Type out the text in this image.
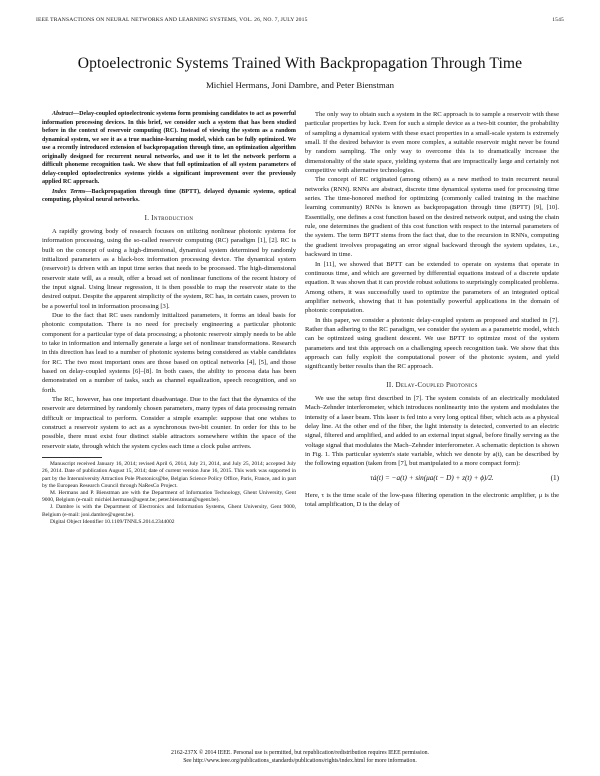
IEEE TRANSACTIONS ON NEURAL NETWORKS AND LEARNING SYSTEMS, VOL. 26, NO. 7, JULY 2015	1545
Optoelectronic Systems Trained With Backpropagation Through Time
Michiel Hermans, Joni Dambre, and Peter Bienstman

Abstract—Delay-coupled optoelectronic systems form promising candidates to act as powerful information processing devices. In this brief, we consider such a system that has been studied before in the context of reservoir computing (RC). Instead of viewing the system as a random dynamical system, we see it as a true machine-learning model, which can be fully optimized. We use a recently introduced extension of backpropagation through time, an optimization algorithm originally designed for recurrent neural networks, and use it to let the network perform a difficult phoneme recognition task. We show that full optimization of all system parameters of delay-coupled optoelectronics systems yields a significant improvement over the previously applied RC approach.

Index Terms—Backpropagation through time (BPTT), delayed dynamic systems, optical computing, physical neural networks.

I. Introduction

A rapidly growing body of research focuses on utilizing nonlinear photonic systems for information processing, using the so-called reservoir computing (RC) paradigm [1], [2]. RC is built on the concept of using a high-dimensional, dynamical system determined by randomly initialized parameters as a black-box information processing device. The dynamical system (reservoir) is driven with an input time series that needs to be processed. The high-dimensional reservoir state will, as a result, offer a broad set of nonlinear functions of the recent history of the input signal. Using linear regression, it is then possible to map the reservoir state to the desired output. Despite the apparent simplicity of the system, RC has, in certain cases, proven to be a powerful tool in information processing [3].

Due to the fact that RC uses randomly initialized parameters, it forms an ideal basis for photonic computation. There is no need for precisely engineering a particular photonic component for a particular type of data processing; a photonic reservoir simply needs to be able to take in information and internally generate a large set of nonlinear transformations. Research in this direction has lead to a number of photonic systems being considered as viable candidates for RC. The two most important ones are those based on optical networks [4], [5], and those based on delay-coupled systems [6]–[8]. In both cases, the ability to process data has been demonstrated on a number of tasks, such as channel equalization, speech recognition, and so forth.

The RC, however, has one important disadvantage. Due to the fact that the dynamics of the reservoir are determined by randomly chosen parameters, many types of data processing remain difficult or impractical to perform. Consider a simple example: suppose that one wishes to construct a reservoir system to act as a synchronous two-bit counter. In order for this to be possible, there must exist four distinct stable attractors somewhere within the space of the reservoir state, through which the system cycles each time a clock pulse arrives.

Manuscript received January 16, 2014; revised April 6, 2014, July 21, 2014, and July 25, 2014; accepted July 26, 2014. Date of publication August 15, 2014; date of current version June 16, 2015. This work was supported in part by the Interuniversity Attraction Pole Photonics@be, Belgian Science Policy Office, Paris, France, and in part by the European Research Council through NaResCo Project.

M. Hermans and P. Bienstman are with the Department of Information Technology, Ghent University, Gent 9000, Belgium (e-mail: michiel.hermans@ugent.be; peter.bienstman@ugent.be).

J. Dambre is with the Department of Electronics and Information Systems, Ghent University, Gent 9000, Belgium (e-mail: joni.dambre@ugent.be).

Digital Object Identifier 10.1109/TNNLS.2014.2344002

The only way to obtain such a system in the RC approach is to sample a reservoir with these particular properties by luck. Even for such a simple device as a two-bit counter, the probability of sampling a dynamical system with these exact properties in a small-scale system is extremely small. If the desired behavior is even more complex, a suitable reservoir might never be found by random sampling. The only way to overcome this is to dramatically increase the dimensionality of the state space, yielding systems that are impractically large and certainly not competitive with alternative technologies.

The concept of RC originated (among others) as a new method to train recurrent neural networks (RNN). RNNs are abstract, discrete time dynamical systems used for processing time series. The time-honored method for optimizing (commonly called training in the machine learning community) RNNs is known as backpropagation through time (BPTT) [9], [10]. Essentially, one defines a cost function based on the desired network output, and using the chain rule, one determines the gradient of this cost function with respect to the internal parameters of the system. The term BPTT stems from the fact that, due to the recursion in RNNs, computing the gradient involves propagating an error signal backward through the system updates, i.e., backward in time.

In [11], we showed that BPTT can be extended to operate on systems that operate in continuous time, and which are governed by differential equations instead of a discrete update equation. It was shown that it can provide robust solutions to surprisingly complicated problems. Among others, it was successfully used to optimize the parameters of an integrated optical amplifier network, showing that it has potentially powerful applications in the domain of photonic computation.

In this paper, we consider a photonic delay-coupled system as proposed and studied in [7]. Rather than adhering to the RC paradigm, we consider the system as a parametric model, which can be optimized using gradient descent. We use BPTT to optimize most of the system parameters and test this approach on a challenging speech recognition task. We show that this approach can fully exploit the computational power of the photonic system, and yield significantly better results than the RC approach.

II. Delay-Coupled Photonics

We use the setup first described in [7]. The system consists of an electrically modulated Mach–Zehnder interferometer, which introduces nonlinearity into the system and modulates the intensity of a laser beam. This laser is fed into a very long optical fiber, which acts as a physical delay line. At the other end of the fiber, the light intensity is detected, converted to an electric signal, filtered and amplified, and added to an external input signal, before finally serving as the voltage signal that modulates the Mach–Zehnder interferometer. A schematic depiction is shown in Fig. 1. This particular system's state variable, which we denote by a(t), can be described by the following equation (taken from [7], but manipulated to a more compact form):

τȧ(t) = −a(t) + sin(μa(t − D) + z(t) + ϕ)/2.	(1)

Here, τ is the time scale of the low-pass filtering operation in the electronic amplifier, μ is the total amplification, D is the delay of

2162-237X © 2014 IEEE. Personal use is permitted, but republication/redistribution requires IEEE permission.
See http://www.ieee.org/publications_standards/publications/rights/index.html for more information.
